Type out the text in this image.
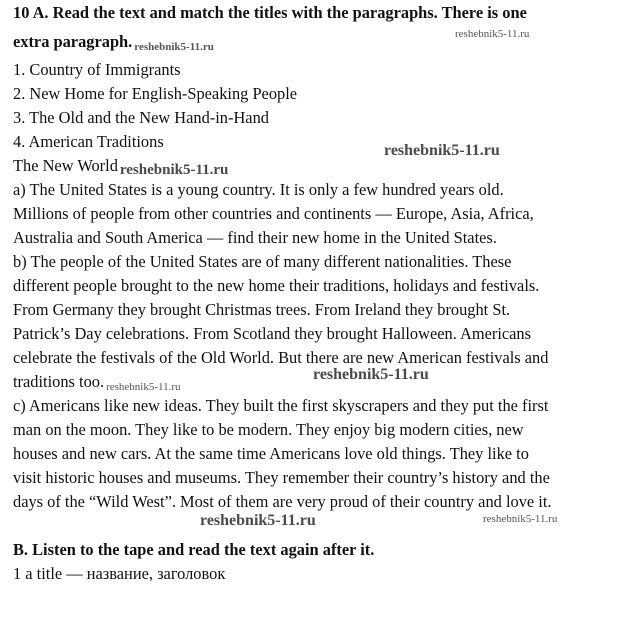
10 A. Read the text and match the titles with the paragraphs. There is one
extra paragraph. reshebnik5-11.ru
1. Country of Immigrants
2. New Home for English-Speaking People
3. The Old and the New Hand-in-Hand
4. American Traditions
The New World reshebnik5-11.ru
a) The United States is a young country. It is only a few hundred years old.
Millions of people from other countries and continents — Europe, Asia, Africa,
Australia and South America — find their new home in the United States.
b) The people of the United States are of many different nationalities. These
different people brought to the new home their traditions, holidays and festivals.
From Germany they brought Christmas trees. From Ireland they brought St.
Patrick’s Day celebrations. From Scotland they brought Halloween. Americans
celebrate the festivals of the Old World. But there are new American festivals and
traditions too. reshebnik5-11.ru
c) Americans like new ideas. They built the first skyscrapers and they put the first
man on the moon. They like to be modern. They enjoy big modern cities, new
houses and new cars. At the same time Americans love old things. They like to
visit historic houses and museums. They remember their country’s history and the
days of the “Wild West”. Most of them are very proud of their country and love it.
B. Listen to the tape and read the text again after it.
1 a title — название, заголовок
reshebnik5-11.ru
reshebnik5-11.ru
reshebnik5-11.ru
reshebnik5-11.ru	reshebnik5-11.ru
